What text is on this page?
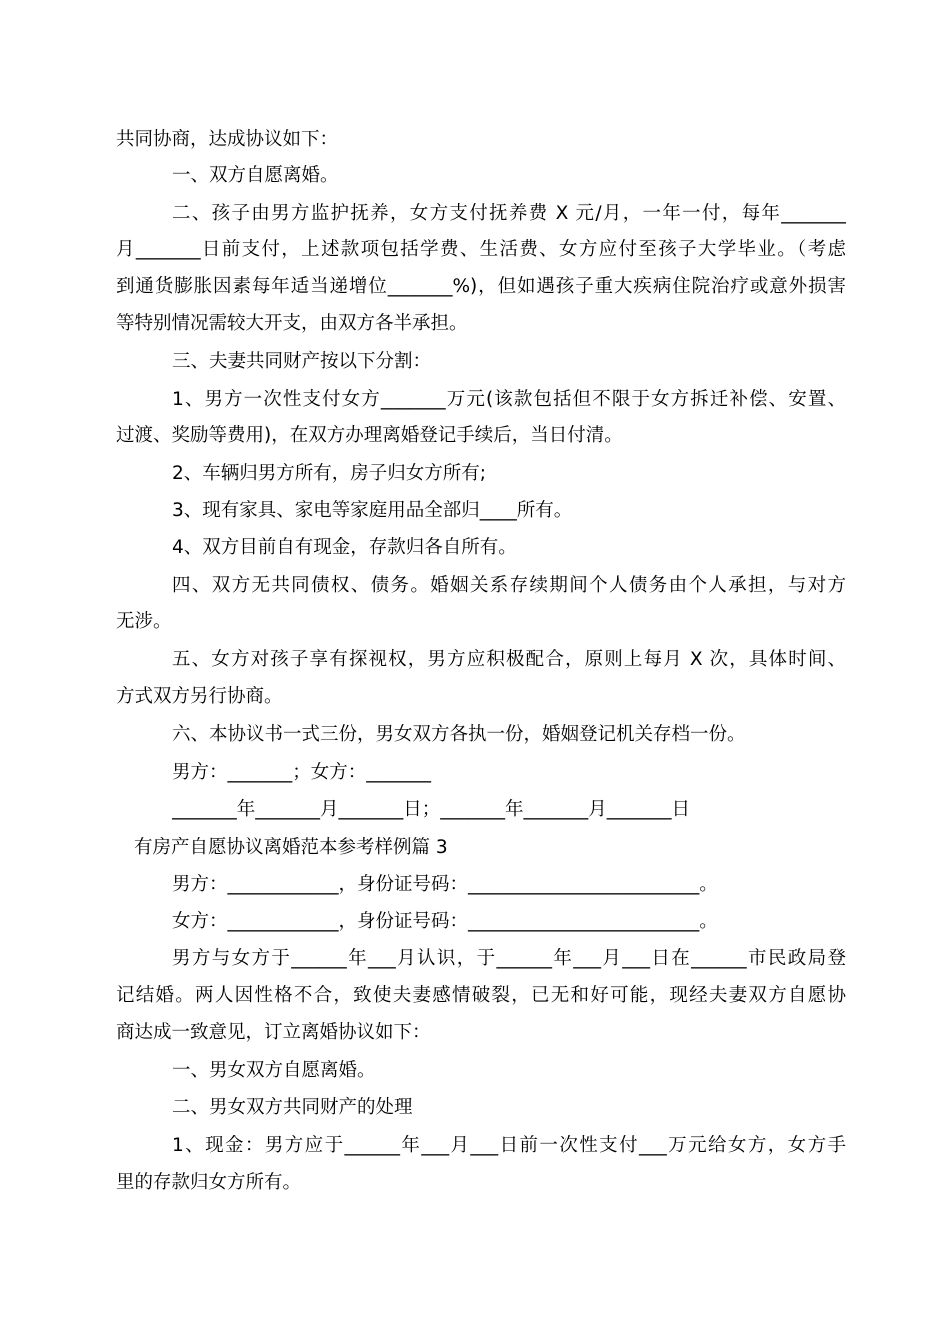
共同协商，达成协议如下：
一、双方自愿离婚。
二、孩子由男方监护抚养，女方支付抚养费 X 元/月，一年一付，每年_______
月_______日前支付，上述款项包括学费、生活费、女方应付至孩子大学毕业。（考虑
到通货膨胀因素每年适当递增位_______%)，但如遇孩子重大疾病住院治疗或意外损害
等特别情况需较大开支，由双方各半承担。
三、夫妻共同财产按以下分割：
1、男方一次性支付女方_______万元(该款包括但不限于女方拆迁补偿、安置、
过渡、奖励等费用)，在双方办理离婚登记手续后，当日付清。
2、车辆归男方所有，房子归女方所有;
3、现有家具、家电等家庭用品全部归____所有。
4、双方目前自有现金，存款归各自所有。
四、双方无共同债权、债务。婚姻关系存续期间个人债务由个人承担，与对方
无涉。
五、女方对孩子享有探视权，男方应积极配合，原则上每月 X 次，具体时间、
方式双方另行协商。
六、本协议书一式三份，男女双方各执一份，婚姻登记机关存档一份。
男方：_______；女方：_______
_______年_______月_______日；_______年_______月_______日
有房产自愿协议离婚范本参考样例篇 3
男方：____________，身份证号码：_________________________。
女方：____________，身份证号码：_________________________。
男方与女方于______年___月认识，于______年___月___日在______市民政局登
记结婚。两人因性格不合，致使夫妻感情破裂，已无和好可能，现经夫妻双方自愿协
商达成一致意见，订立离婚协议如下：
一、男女双方自愿离婚。
二、男女双方共同财产的处理
1、现金：男方应于______年___月___日前一次性支付___万元给女方，女方手
里的存款归女方所有。
